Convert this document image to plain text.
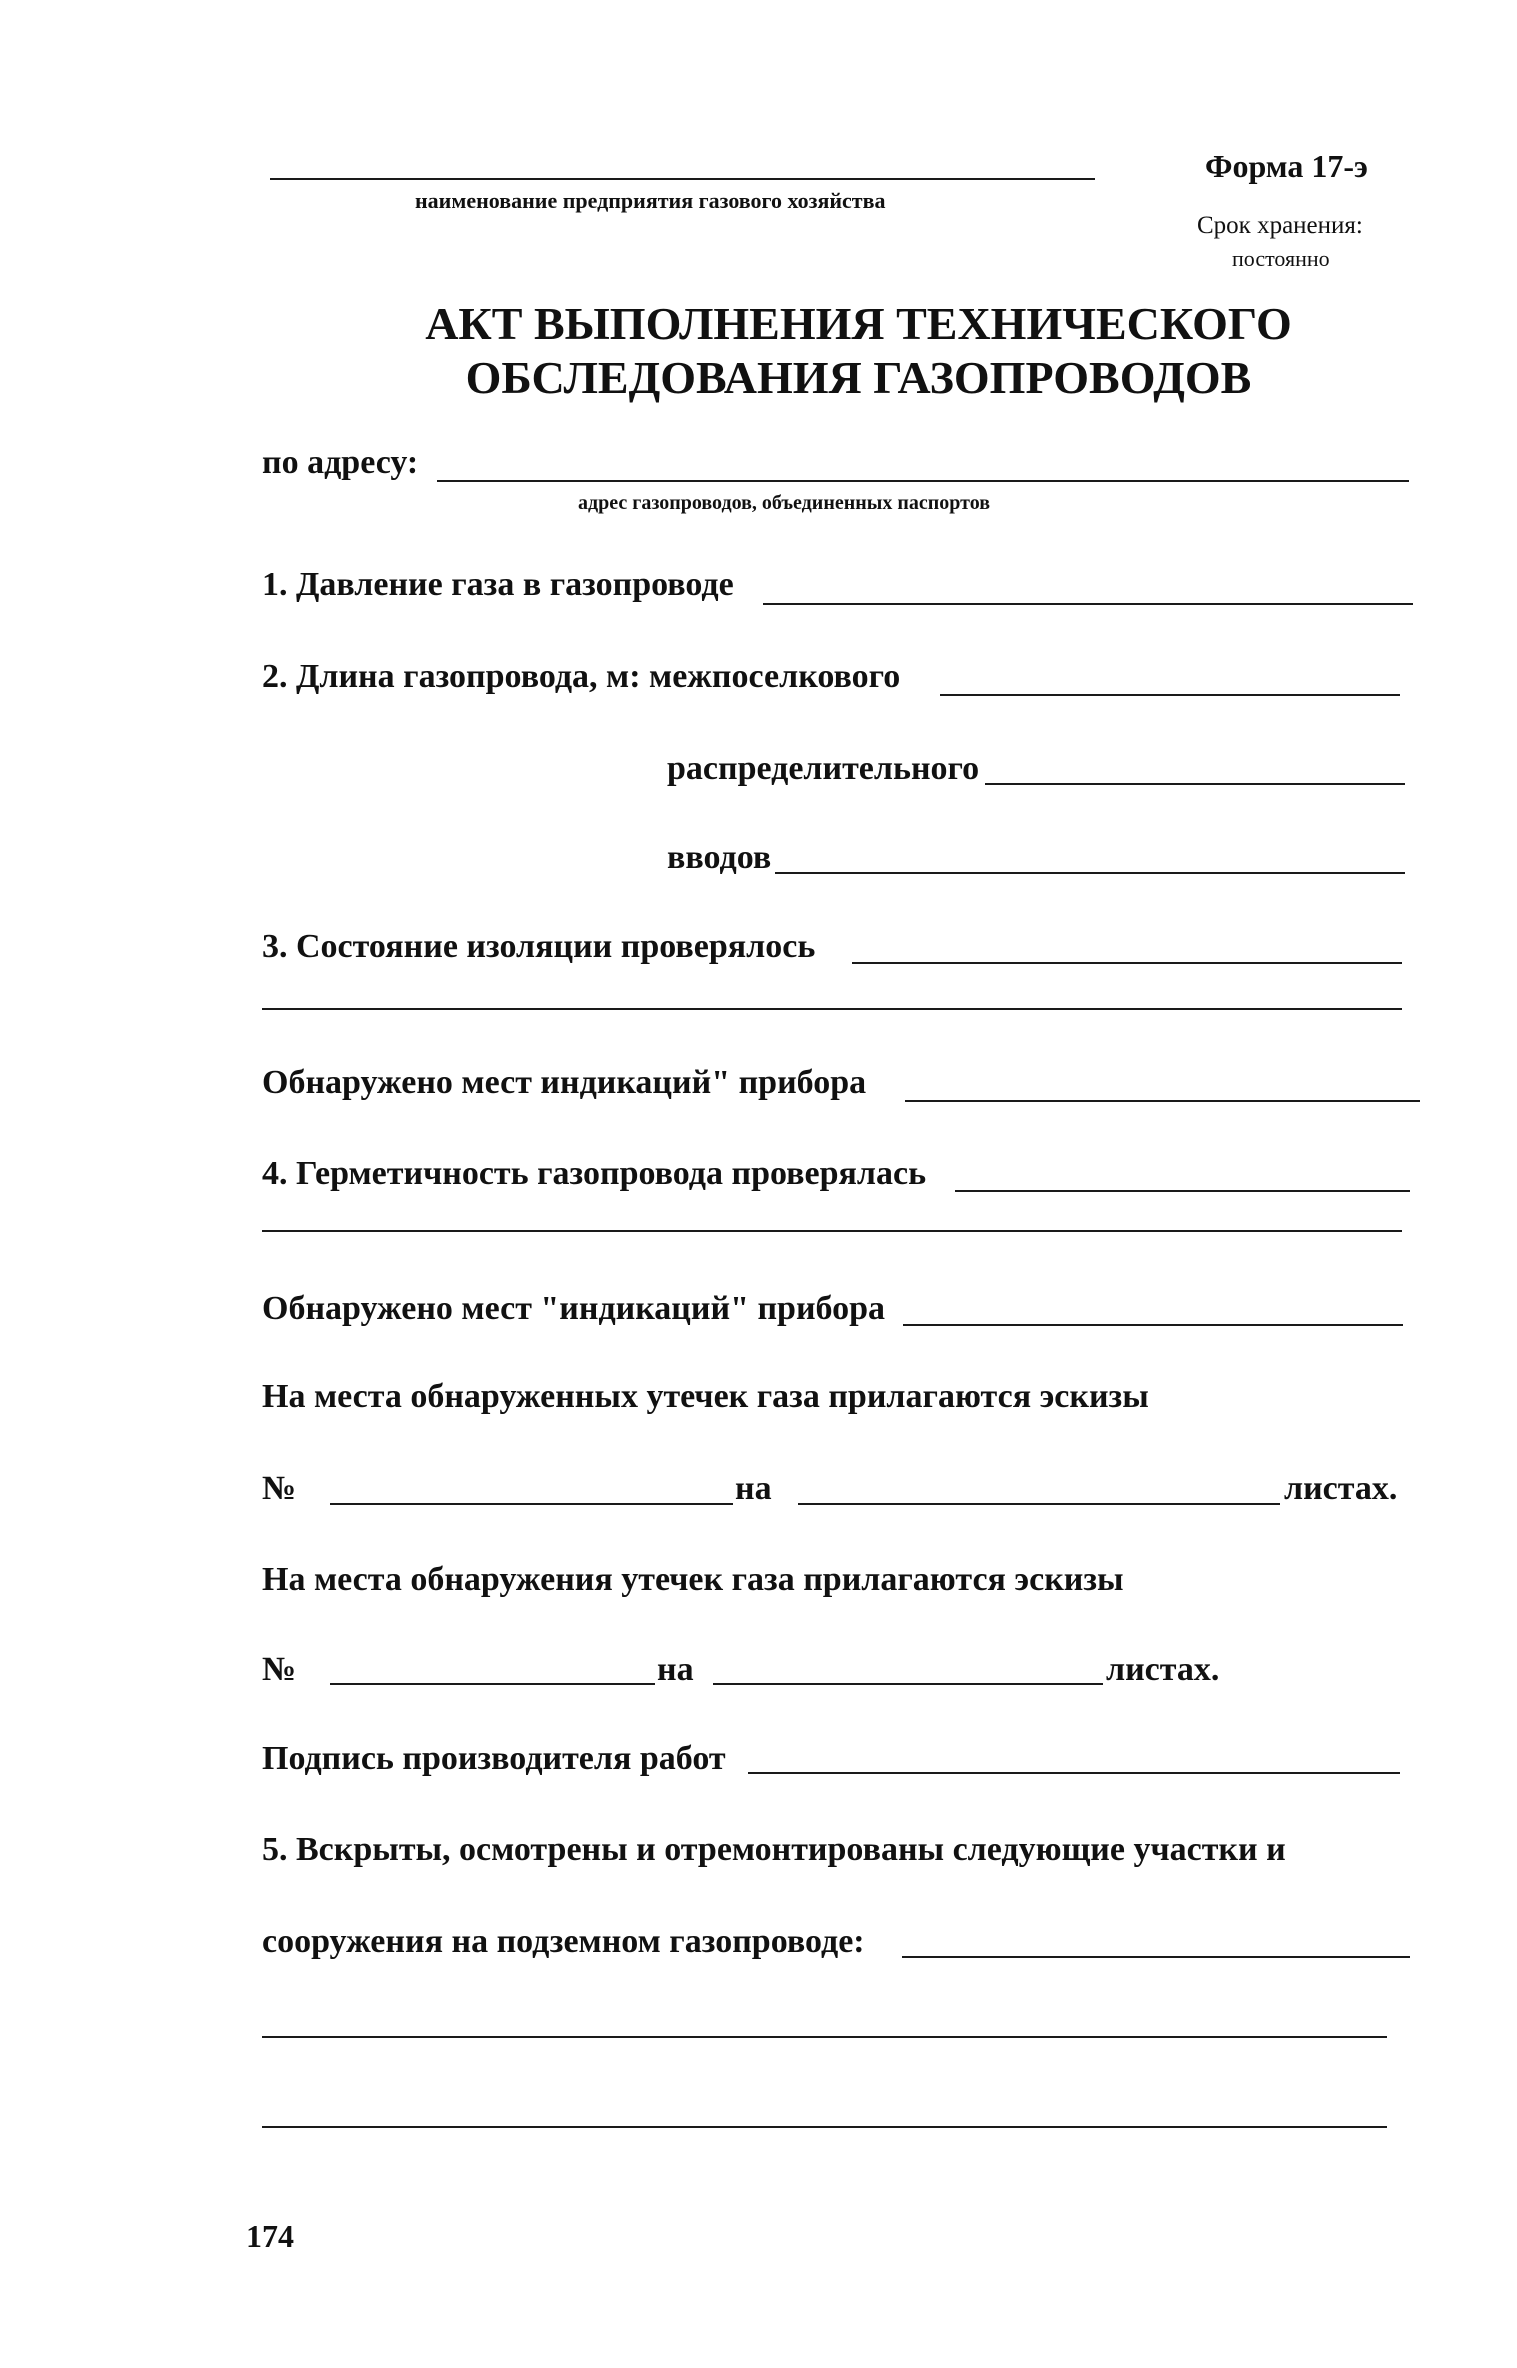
наименование предприятия газового хозяйства
Форма 17-э
Срок хранения:
постоянно
АКТ ВЫПОЛНЕНИЯ ТЕХНИЧЕСКОГО
ОБСЛЕДОВАНИЯ ГАЗОПРОВОДОВ
по адресу:
адрес газопроводов, объединенных паспортов
1. Давление газа в газопроводе
2. Длина газопровода, м: межпоселкового
распределительного
вводов
3. Состояние изоляции проверялось
Обнаружено мест индикаций" прибора
4. Герметичность газопровода проверялась
Обнаружено мест "индикаций" прибора
На места обнаруженных утечек газа прилагаются эскизы
№	на	листах.
На места обнаружения утечек газа прилагаются эскизы
№	на	листах.
Подпись производителя работ
5. Вскрыты, осмотрены и отремонтированы следующие участки и
сооружения на подземном газопроводе:
174
